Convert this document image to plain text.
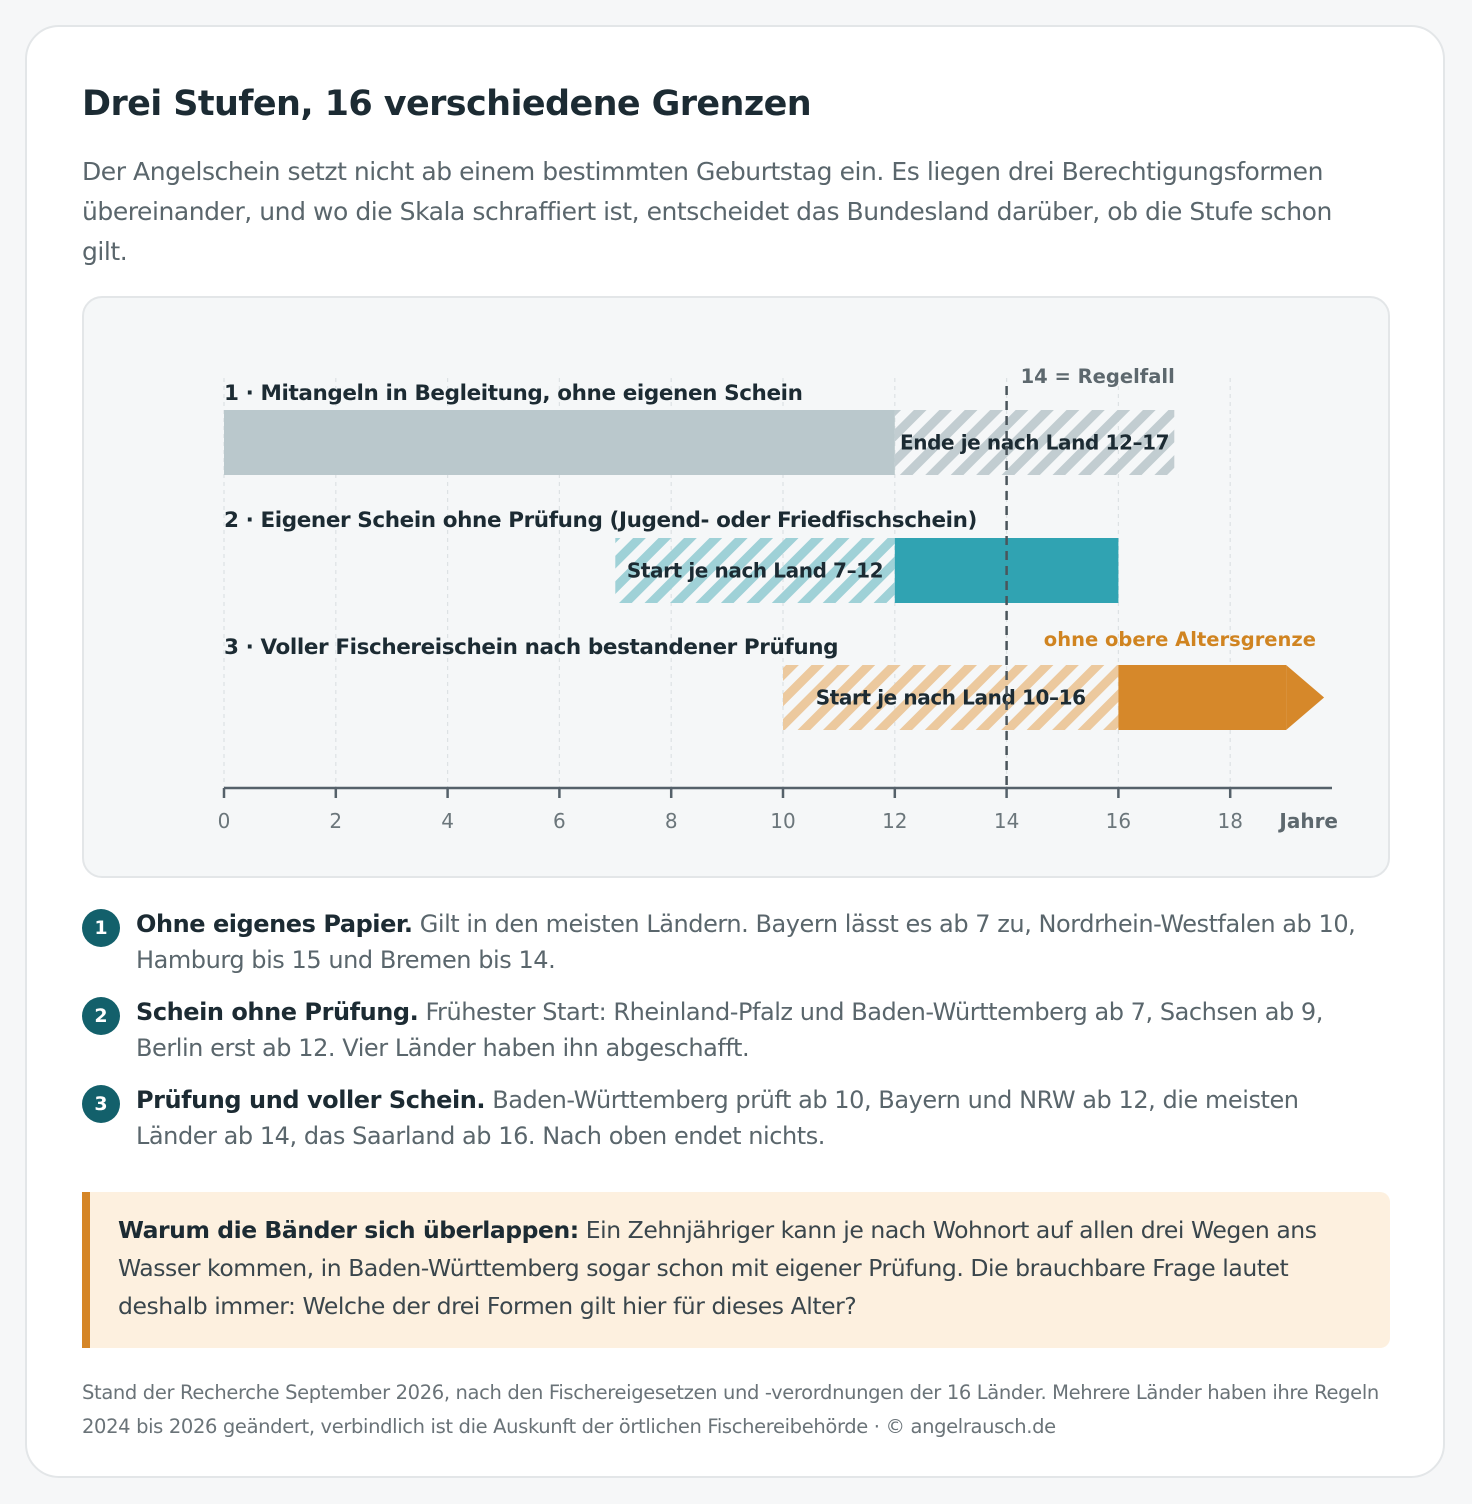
Drei Stufen, 16 verschiedene Grenzen

Der Angelschein setzt nicht ab einem bestimmten Geburtstag ein. Es liegen drei Berechtigungsformen übereinander, und wo die Skala schraffiert ist, entscheidet das Bundesland darüber, ob die Stufe schon gilt.

1 · Mitangeln in Begleitung, ohne eigenen Schein
Ende je nach Land 12–17
2 · Eigener Schein ohne Prüfung (Jugend- oder Friedfischschein)
Start je nach Land 7–12
ohne obere Altersgrenze
3 · Voller Fischereischein nach bestandener Prüfung
Start je nach Land 10–16
14 = Regelfall
0	2	4	6	8	10	12	14	16	18 Jahre
1	Ohne eigenes Papier. Gilt in den meisten Ländern. Bayern lässt es ab 7 zu, Nordrhein-Westfalen ab 10, Hamburg bis 15 und Bremen bis 14.
2	Schein ohne Prüfung. Frühester Start: Rheinland-Pfalz und Baden-Württemberg ab 7, Sachsen ab 9, Berlin erst ab 12. Vier Länder haben ihn abgeschafft.
3	Prüfung und voller Schein. Baden-Württemberg prüft ab 10, Bayern und NRW ab 12, die meisten Länder ab 14, das Saarland ab 16. Nach oben endet nichts.
Warum die Bänder sich überlappen: Ein Zehnjähriger kann je nach Wohnort auf allen drei Wegen ans Wasser kommen, in Baden-Württemberg sogar schon mit eigener Prüfung. Die brauchbare Frage lautet deshalb immer: Welche der drei Formen gilt hier für dieses Alter?
Stand der Recherche September 2026, nach den Fischereigesetzen und -verordnungen der 16 Länder. Mehrere Länder haben ihre Regeln 2024 bis 2026 geändert, verbindlich ist die Auskunft der örtlichen Fischereibehörde · © angelrausch.de
